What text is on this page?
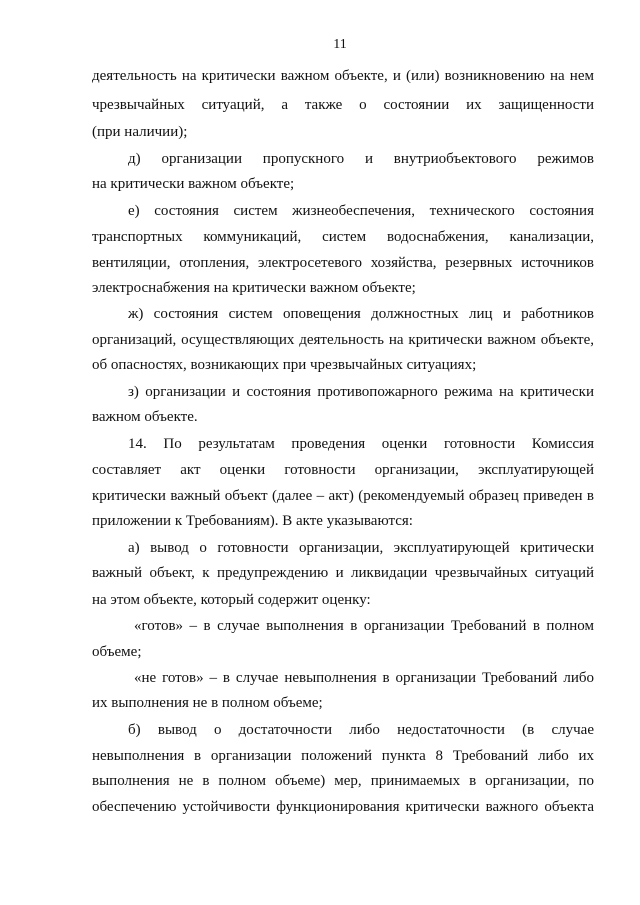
11
деятельность на критически важном объекте, и (или) возникновению на нем
чрезвычайных ситуаций, а также о состоянии их защищенности
(при наличии);
д) организации пропускного и внутриобъектового режимов
на критически важном объекте;
е) состояния систем жизнеобеспечения, технического состояния
транспортных коммуникаций, систем водоснабжения, канализации,
вентиляции, отопления, электросетевого хозяйства, резервных источников
электроснабжения на критически важном объекте;
ж) состояния систем оповещения должностных лиц и работников
организаций, осуществляющих деятельность на критически важном объекте,
об опасностях, возникающих при чрезвычайных ситуациях;
з) организации и состояния противопожарного режима на критически
важном объекте.
14. По результатам проведения оценки готовности Комиссия
составляет акт оценки готовности организации, эксплуатирующей
критически важный объект (далее – акт) (рекомендуемый образец приведен в
приложении к Требованиям). В акте указываются:
а) вывод о готовности организации, эксплуатирующей критически
важный объект, к предупреждению и ликвидации чрезвычайных ситуаций
на этом объекте, который содержит оценку:
«готов» – в случае выполнения в организации Требований в полном
объеме;
«не готов» – в случае невыполнения в организации Требований либо
их выполнения не в полном объеме;
б) вывод о достаточности либо недостаточности (в случае
невыполнения в организации положений пункта 8 Требований либо их
выполнения не в полном объеме) мер, принимаемых в организации, по
обеспечению устойчивости функционирования критически важного объекта
